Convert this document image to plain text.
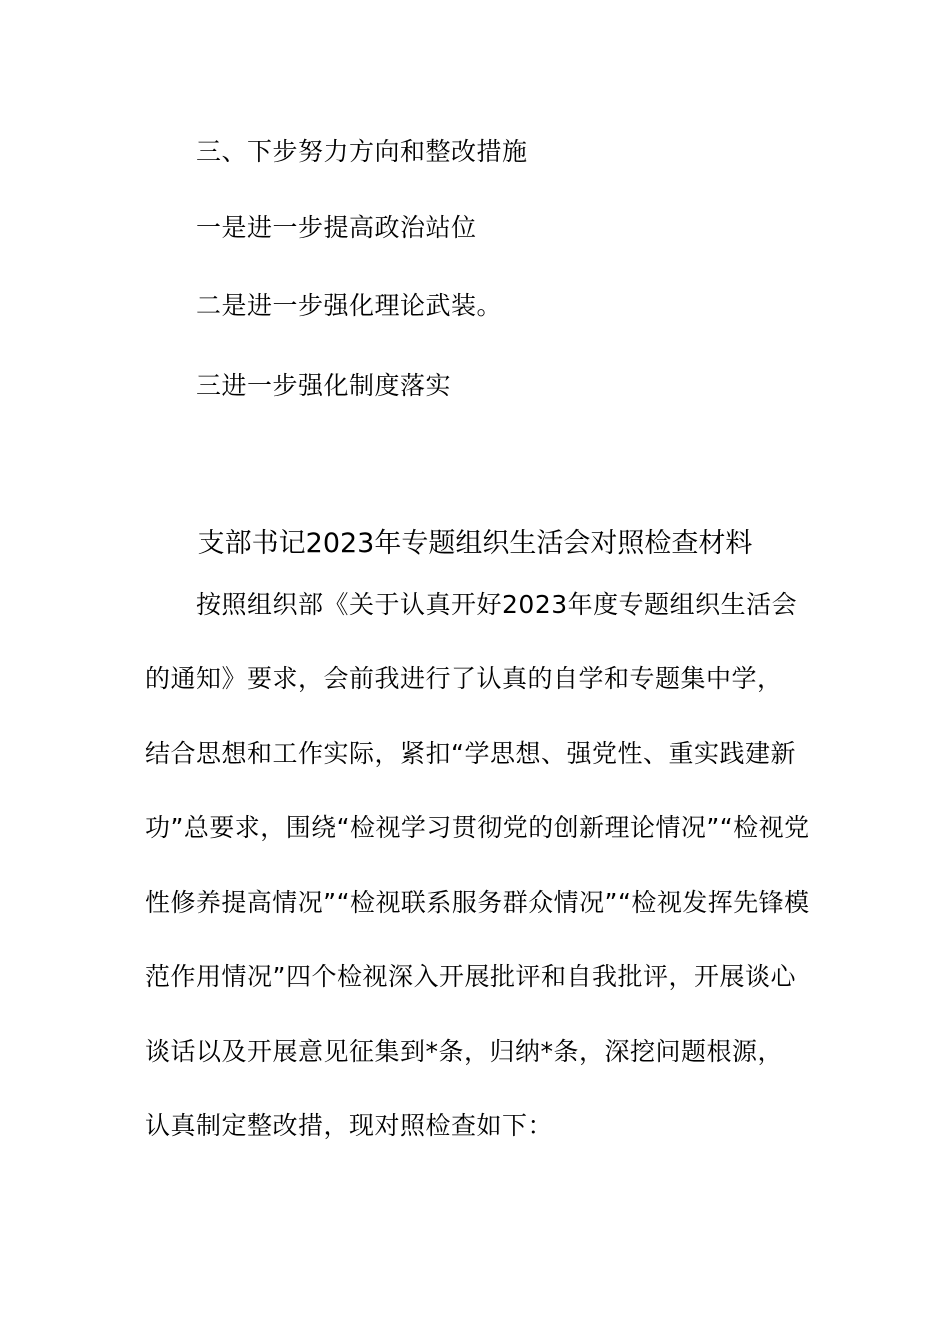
三、下步努力方向和整改措施
一是进一步提高政治站位
二是进一步强化理论武装。
三进一步强化制度落实
支部书记2023年专题组织生活会对照检查材料
按照组织部《关于认真开好2023年度专题组织生活会
的通知》要求，会前我进行了认真的自学和专题集中学，
结合思想和工作实际，紧扣“学思想、强党性、重实践建新
功”总要求，围绕“检视学习贯彻党的创新理论情况”“检视党
性修养提高情况”“检视联系服务群众情况”“检视发挥先锋模
范作用情况”四个检视深入开展批评和自我批评，开展谈心
谈话以及开展意见征集到*条，归纳*条，深挖问题根源，
认真制定整改措，现对照检查如下：
